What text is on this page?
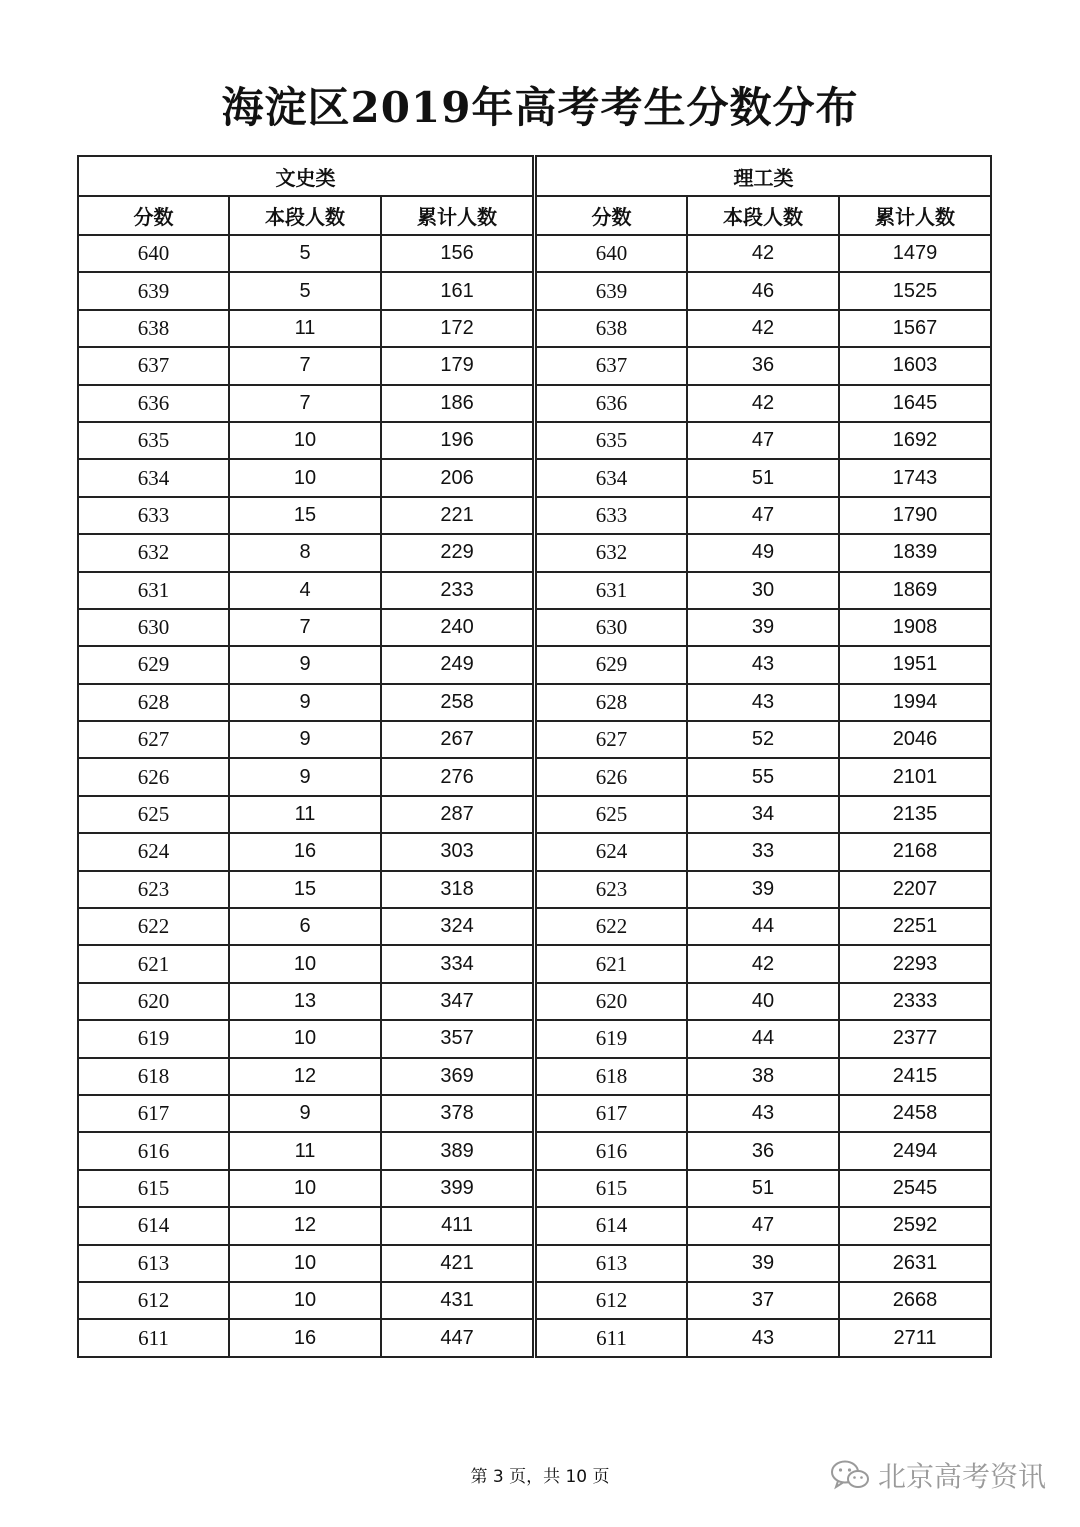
海淀区2019年高考考生分数分布
文史类				理工类		
分数	本段人数	累计人数		分数	本段人数	累计人数
640	5	156		640	42	1479
639	5	161		639	46	1525
638	11	172		638	42	1567
637	7	179		637	36	1603
636	7	186		636	42	1645
635	10	196		635	47	1692
634	10	206		634	51	1743
633	15	221		633	47	1790
632	8	229		632	49	1839
631	4	233		631	30	1869
630	7	240		630	39	1908
629	9	249		629	43	1951
628	9	258		628	43	1994
627	9	267		627	52	2046
626	9	276		626	55	2101
625	11	287		625	34	2135
624	16	303		624	33	2168
623	15	318		623	39	2207
622	6	324		622	44	2251
621	10	334		621	42	2293
620	13	347		620	40	2333
619	10	357		619	44	2377
618	12	369		618	38	2415
617	9	378		617	43	2458
616	11	389		616	36	2494
615	10	399		615	51	2545
614	12	411		614	47	2592
613	10	421		613	39	2631
612	10	431		612	37	2668
611	16	447		611	43	2711
第 3 页，共 10 页	北京高考资讯
